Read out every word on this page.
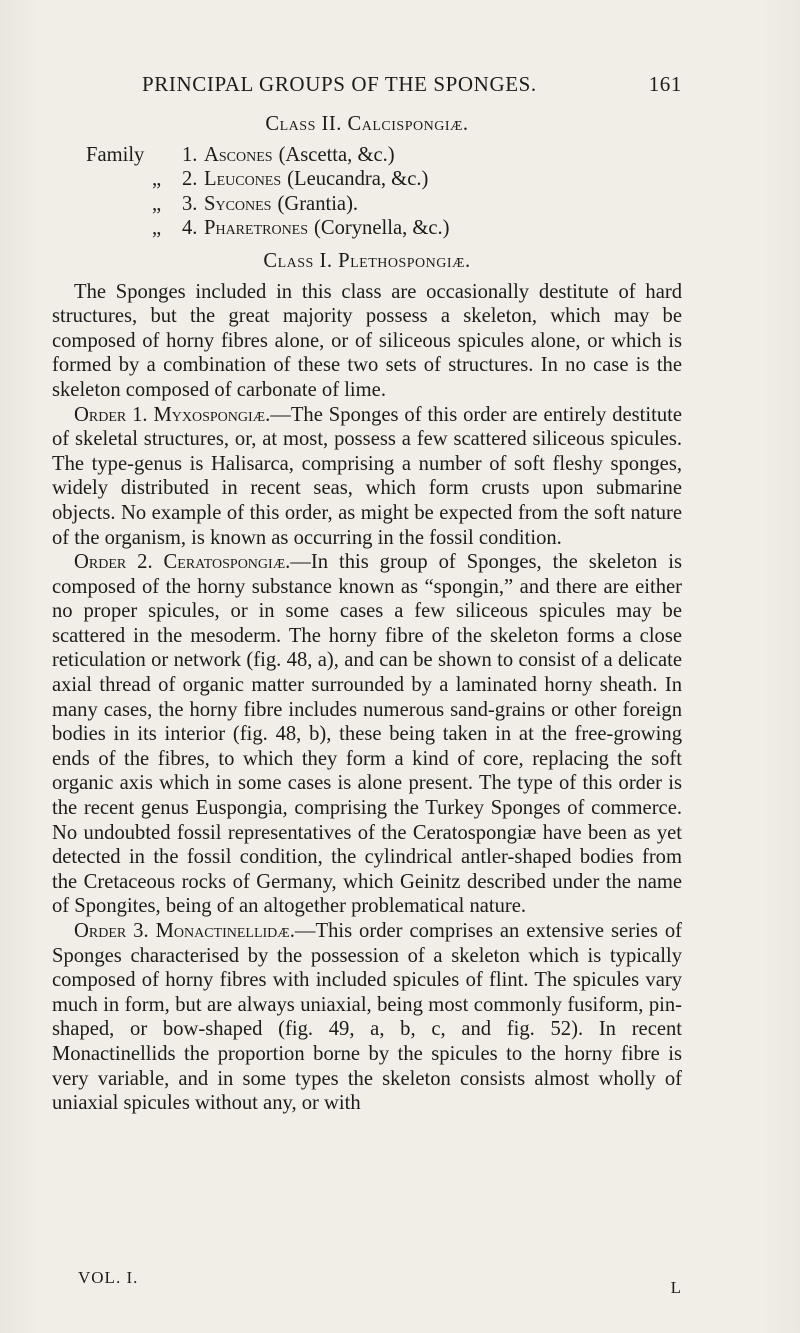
PRINCIPAL GROUPS OF THE SPONGES.	161
Class II. Calcispongiæ.
Family	1. Ascones (Ascetta, &c.)
„	2. Leucones (Leucandra, &c.)
„	3. Sycones (Grantia).
„	4. Pharetrones (Corynella, &c.)
Class I. Plethospongiæ.

The Sponges included in this class are occasionally destitute of hard structures, but the great majority possess a skeleton, which may be composed of horny fibres alone, or of siliceous spicules alone, or which is formed by a combination of these two sets of structures. In no case is the skeleton composed of carbonate of lime.

Order 1. Myxospongiæ.—The Sponges of this order are entirely destitute of skeletal structures, or, at most, possess a few scattered siliceous spicules. The type-genus is Halisarca, comprising a number of soft fleshy sponges, widely distributed in recent seas, which form crusts upon submarine objects. No example of this order, as might be expected from the soft nature of the organism, is known as occurring in the fossil condition.

Order 2. Ceratospongiæ.—In this group of Sponges, the skeleton is composed of the horny substance known as “spongin,” and there are either no proper spicules, or in some cases a few siliceous spicules may be scattered in the mesoderm. The horny fibre of the skeleton forms a close reticulation or network (fig. 48, a), and can be shown to consist of a delicate axial thread of organic matter surrounded by a laminated horny sheath. In many cases, the horny fibre includes numerous sand-grains or other foreign bodies in its interior (fig. 48, b), these being taken in at the free-growing ends of the fibres, to which they form a kind of core, replacing the soft organic axis which in some cases is alone present. The type of this order is the recent genus Euspongia, comprising the Turkey Sponges of commerce. No undoubted fossil representatives of the Ceratospongiæ have been as yet detected in the fossil condition, the cylindrical antler-shaped bodies from the Cretaceous rocks of Germany, which Geinitz described under the name of Spongites, being of an altogether problematical nature.

Order 3. Monactinellidæ.—This order comprises an extensive series of Sponges characterised by the possession of a skeleton which is typically composed of horny fibres with included spicules of flint. The spicules vary much in form, but are always uniaxial, being most commonly fusiform, pin-shaped, or bow-shaped (fig. 49, a, b, c, and fig. 52). In recent Monactinellids the proportion borne by the spicules to the horny fibre is very variable, and in some types the skeleton consists almost wholly of uniaxial spicules without any, or with

VOL. I.
L
